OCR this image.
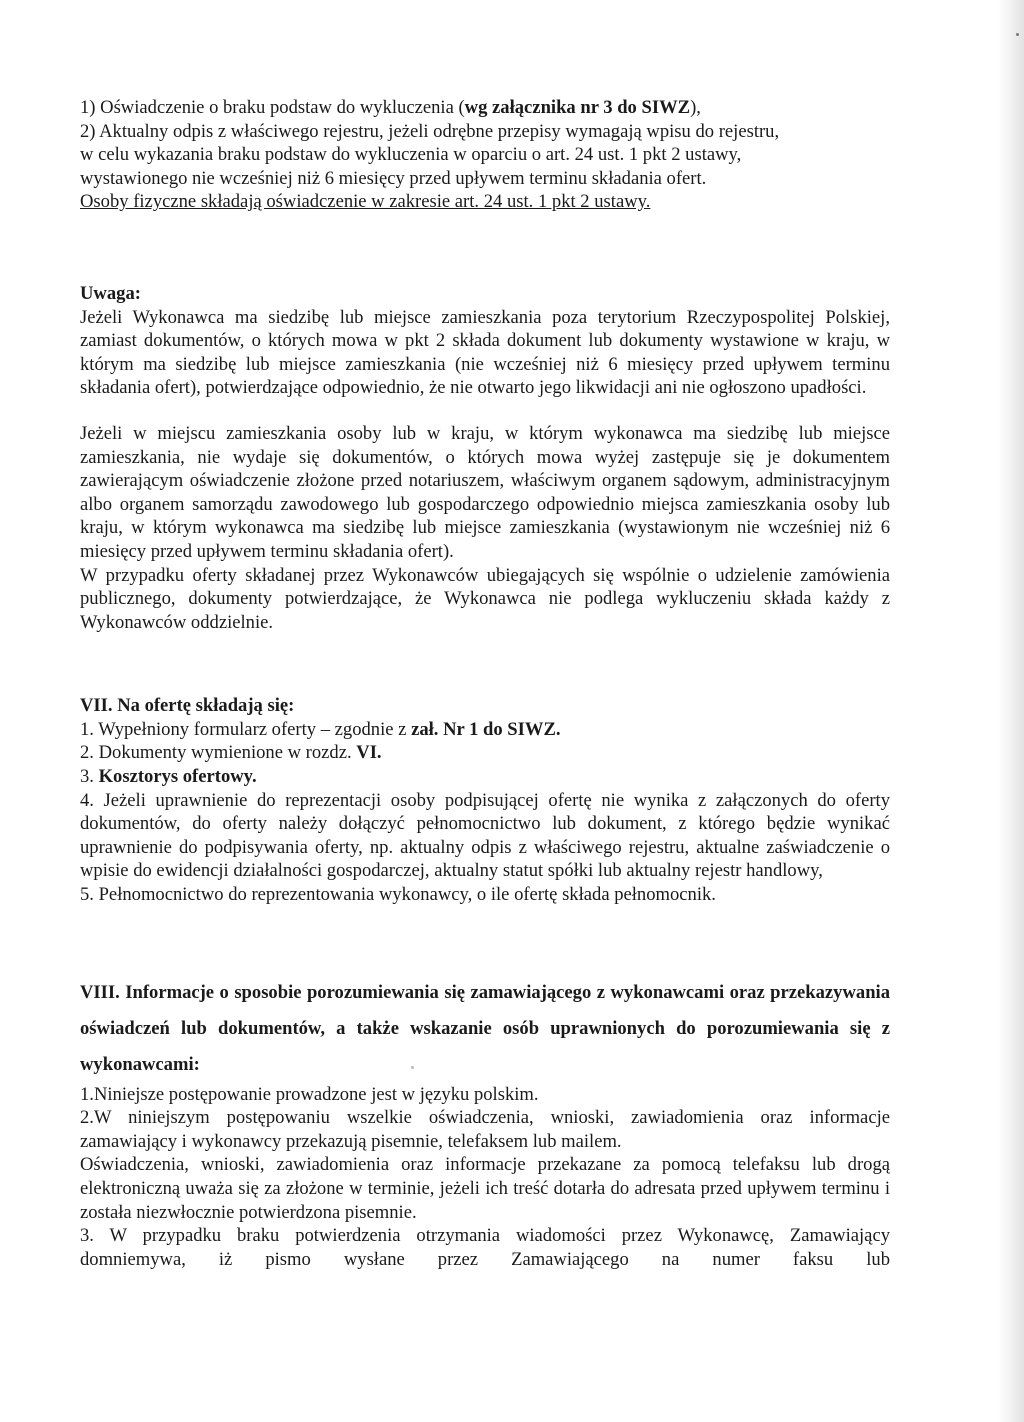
1) Oświadczenie o braku podstaw do wykluczenia (wg załącznika nr 3 do SIWZ),

2) Aktualny odpis z właściwego rejestru, jeżeli odrębne przepisy wymagają wpisu do rejestru,

w celu wykazania braku podstaw do wykluczenia w oparciu o art. 24 ust. 1 pkt 2 ustawy,

wystawionego nie wcześniej niż 6 miesięcy przed upływem terminu składania ofert.

Osoby fizyczne składają oświadczenie w zakresie art. 24 ust. 1 pkt 2 ustawy.

Uwaga:

Jeżeli Wykonawca ma siedzibę lub miejsce zamieszkania poza terytorium Rzeczypospolitej Polskiej, zamiast dokumentów, o których mowa w pkt 2 składa dokument lub dokumenty wystawione w kraju, w którym ma siedzibę lub miejsce zamieszkania (nie wcześniej niż 6 miesięcy przed upływem terminu składania ofert), potwierdzające odpowiednio, że nie otwarto jego likwidacji ani nie ogłoszono upadłości.

Jeżeli w miejscu zamieszkania osoby lub w kraju, w którym wykonawca ma siedzibę lub miejsce zamieszkania, nie wydaje się dokumentów, o których mowa wyżej zastępuje się je dokumentem zawierającym oświadczenie złożone przed notariuszem, właściwym organem sądowym, administracyjnym albo organem samorządu zawodowego lub gospodarczego odpowiednio miejsca zamieszkania osoby lub kraju, w którym wykonawca ma siedzibę lub miejsce zamieszkania (wystawionym nie wcześniej niż 6 miesięcy przed upływem terminu składania ofert).

W przypadku oferty składanej przez Wykonawców ubiegających się wspólnie o udzielenie zamówienia publicznego, dokumenty potwierdzające, że Wykonawca nie podlega wykluczeniu składa każdy z Wykonawców oddzielnie.

VII. Na ofertę składają się:

1. Wypełniony formularz oferty – zgodnie z zał. Nr 1 do SIWZ.

2. Dokumenty wymienione w rozdz. VI.

3. Kosztorys ofertowy.

4. Jeżeli uprawnienie do reprezentacji osoby podpisującej ofertę nie wynika z załączonych do oferty dokumentów, do oferty należy dołączyć pełnomocnictwo lub dokument, z którego będzie wynikać uprawnienie do podpisywania oferty, np. aktualny odpis z właściwego rejestru, aktualne zaświadczenie o wpisie do ewidencji działalności gospodarczej, aktualny statut spółki lub aktualny rejestr handlowy,

5. Pełnomocnictwo do reprezentowania wykonawcy, o ile ofertę składa pełnomocnik.

VIII. Informacje o sposobie porozumiewania się zamawiającego z wykonawcami oraz przekazywania oświadczeń lub dokumentów, a także wskazanie osób uprawnionych do porozumiewania się z wykonawcami:

1.Niniejsze postępowanie prowadzone jest w języku polskim.

2.W niniejszym postępowaniu wszelkie oświadczenia, wnioski, zawiadomienia oraz informacje zamawiający i wykonawcy przekazują pisemnie, telefaksem lub mailem.

Oświadczenia, wnioski, zawiadomienia oraz informacje przekazane za pomocą telefaksu lub drogą elektroniczną uważa się za złożone w terminie, jeżeli ich treść dotarła do adresata przed upływem terminu i została niezwłocznie potwierdzona pisemnie.

3. W przypadku braku potwierdzenia otrzymania wiadomości przez Wykonawcę, Zamawiający domniemywa, iż pismo wysłane przez Zamawiającego na numer faksu lub
